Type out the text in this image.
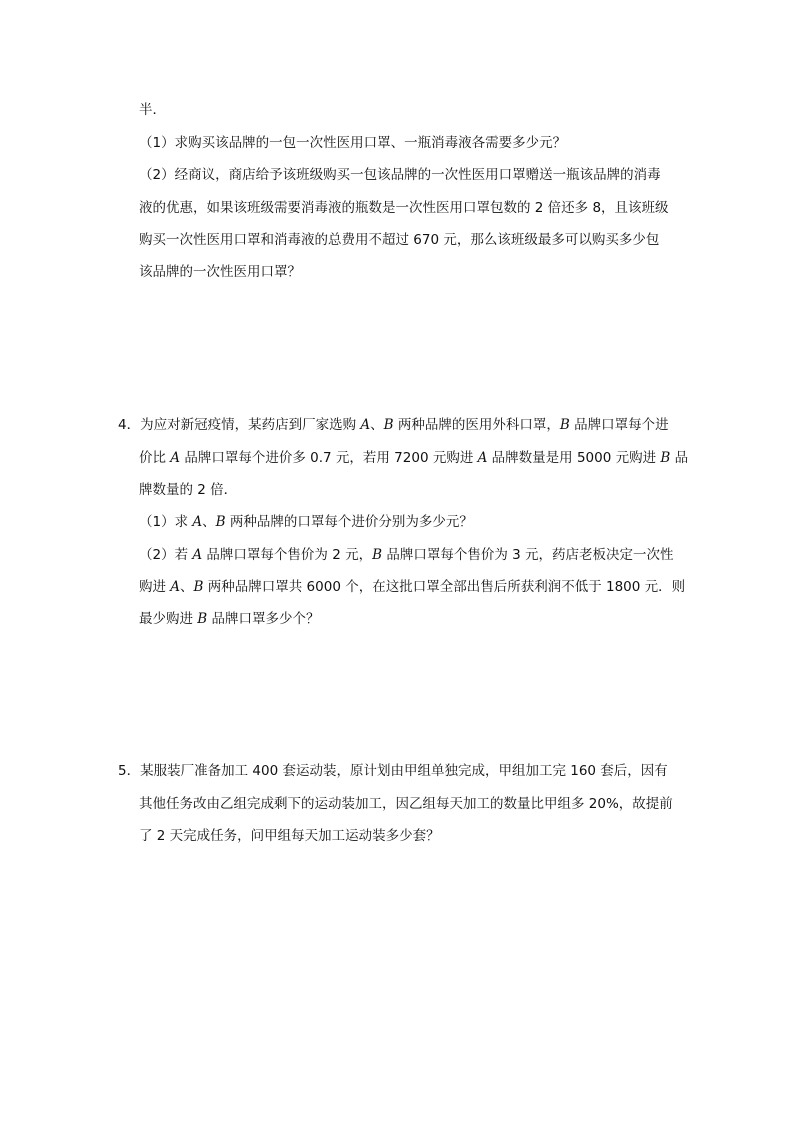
半．
（1）求购买该品牌的一包一次性医用口罩、一瓶消毒液各需要多少元？
（2）经商议，商店给予该班级购买一包该品牌的一次性医用口罩赠送一瓶该品牌的消毒
液的优惠，如果该班级需要消毒液的瓶数是一次性医用口罩包数的 2 倍还多 8，且该班级
购买一次性医用口罩和消毒液的总费用不超过 670 元，那么该班级最多可以购买多少包
该品牌的一次性医用口罩？
4．为应对新冠疫情，某药店到厂家选购 A、B 两种品牌的医用外科口罩，B 品牌口罩每个进
价比 A 品牌口罩每个进价多 0.7 元，若用 7200 元购进 A 品牌数量是用 5000 元购进 B 品
牌数量的 2 倍．
（1）求 A、B 两种品牌的口罩每个进价分别为多少元？
（2）若 A 品牌口罩每个售价为 2 元，B 品牌口罩每个售价为 3 元，药店老板决定一次性
购进 A、B 两种品牌口罩共 6000 个，在这批口罩全部出售后所获利润不低于 1800 元．则
最少购进 B 品牌口罩多少个？
5．某服装厂准备加工 400 套运动装，原计划由甲组单独完成，甲组加工完 160 套后，因有
其他任务改由乙组完成剩下的运动装加工，因乙组每天加工的数量比甲组多 20%，故提前
了 2 天完成任务，问甲组每天加工运动装多少套？
